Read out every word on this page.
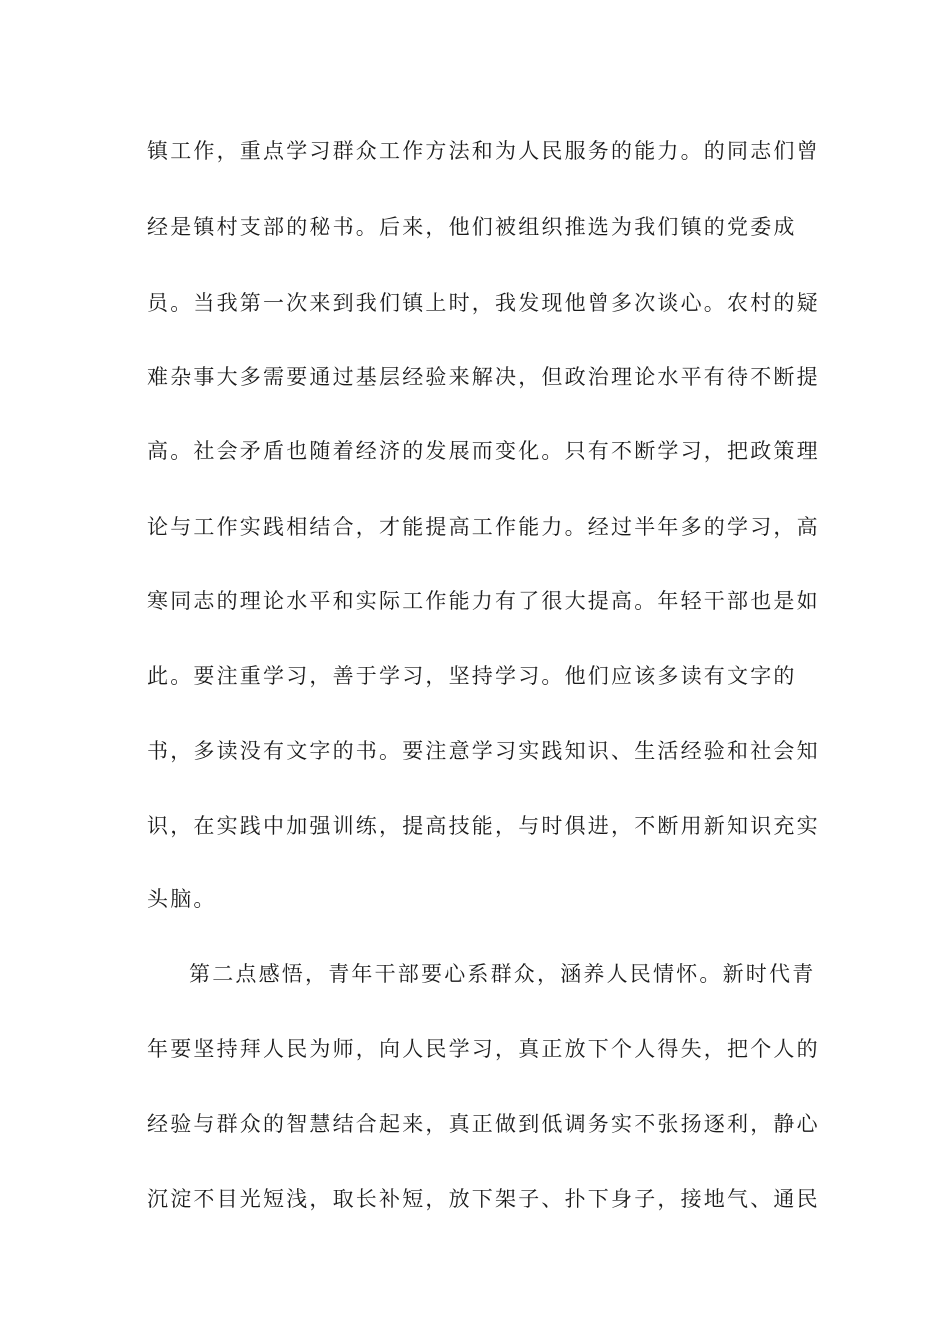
镇工作，重点学习群众工作方法和为人民服务的能力。的同志们曾
经是镇村支部的秘书。后来，他们被组织推选为我们镇的党委成
员。当我第一次来到我们镇上时，我发现他曾多次谈心。农村的疑
难杂事大多需要通过基层经验来解决，但政治理论水平有待不断提
高。社会矛盾也随着经济的发展而变化。只有不断学习，把政策理
论与工作实践相结合，才能提高工作能力。经过半年多的学习，高
寒同志的理论水平和实际工作能力有了很大提高。年轻干部也是如
此。要注重学习，善于学习，坚持学习。他们应该多读有文字的
书，多读没有文字的书。要注意学习实践知识、生活经验和社会知
识，在实践中加强训练，提高技能，与时俱进，不断用新知识充实
头脑。
第二点感悟，青年干部要心系群众，涵养人民情怀。新时代青
年要坚持拜人民为师，向人民学习，真正放下个人得失，把个人的
经验与群众的智慧结合起来，真正做到低调务实不张扬逐利，静心
沉淀不目光短浅，取长补短，放下架子、扑下身子，接地气、通民
